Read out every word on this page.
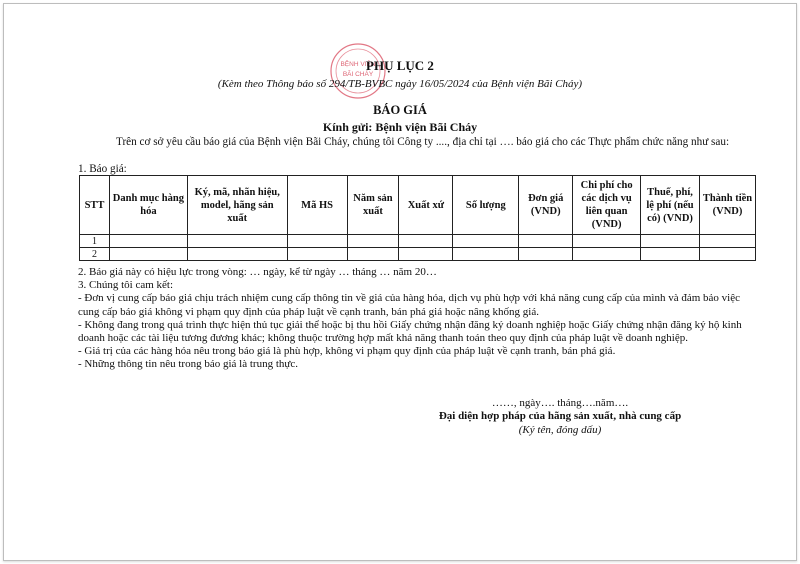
BỆNH VIỆN
BÃI CHÁY
PHỤ LỤC 2
(Kèm theo Thông báo số 294/TB-BVBC ngày 16/05/2024 của Bệnh viện Bãi Cháy)
BÁO GIÁ
Kính gửi: Bệnh viện Bãi Cháy
Trên cơ sở yêu cầu báo giá của Bệnh viện Bãi Cháy, chúng tôi Công ty ...., địa chỉ tại …. báo giá cho các Thực phẩm chức năng như sau:
1. Báo giá:
STT	Danh mục hàng hóa	Ký, mã, nhãn hiệu, model, hãng sản xuất	Mã HS	Năm sản xuất	Xuất xứ	Số lượng	Đơn giá (VND)	Chi phí cho các dịch vụ liên quan (VND)	Thuế, phí, lệ phí (nếu có) (VND)	Thành tiền (VND)
1										
2										
2. Báo giá này có hiệu lực trong vòng: … ngày, kể từ ngày … tháng … năm 20…
3. Chúng tôi cam kết:
- Đơn vị cung cấp báo giá chịu trách nhiệm cung cấp thông tin về giá của hàng hóa, dịch vụ phù hợp với khả năng cung cấp của mình và đảm bảo việc cung cấp báo giá không vi phạm quy định của pháp luật về cạnh tranh, bán phá giá hoặc nâng khống giá.
- Không đang trong quá trình thực hiện thủ tục giải thể hoặc bị thu hồi Giấy chứng nhận đăng ký doanh nghiệp hoặc Giấy chứng nhận đăng ký hộ kinh doanh hoặc các tài liệu tương đương khác; không thuộc trường hợp mất khả năng thanh toán theo quy định của pháp luật về doanh nghiệp.
- Giá trị của các hàng hóa nêu trong báo giá là phù hợp, không vi phạm quy định của pháp luật về cạnh tranh, bán phá giá.
- Những thông tin nêu trong báo giá là trung thực.
……, ngày…. tháng….năm….
Đại diện hợp pháp của hãng sản xuất, nhà cung cấp
(Ký tên, đóng dấu)
